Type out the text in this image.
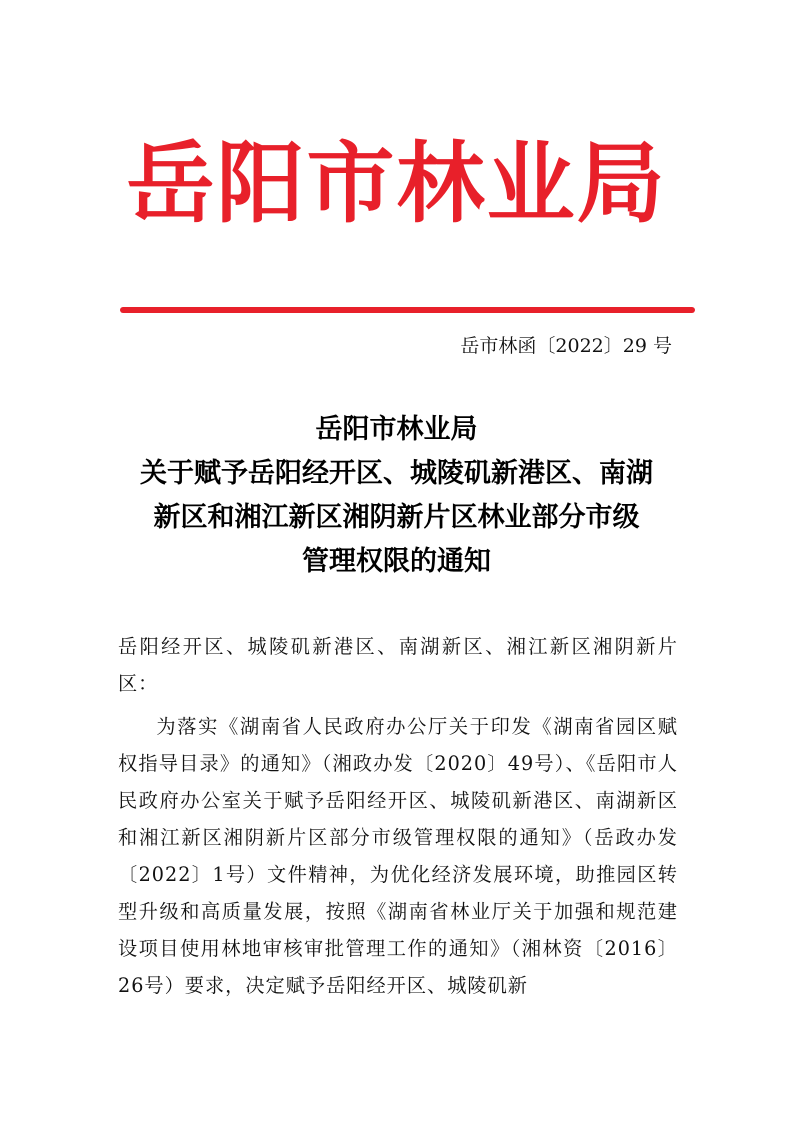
岳阳市林业局
岳市林函〔2022〕29 号
岳阳市林业局
关于赋予岳阳经开区、城陵矶新港区、南湖
新区和湘江新区湘阴新片区林业部分市级
管理权限的通知

岳阳经开区、城陵矶新港区、南湖新区、湘江新区湘阴新片区：

为落实《湖南省人民政府办公厅关于印发《湖南省园区赋权指导目录》的通知》（湘政办发〔2020〕49号）、《岳阳市人民政府办公室关于赋予岳阳经开区、城陵矶新港区、南湖新区和湘江新区湘阴新片区部分市级管理权限的通知》（岳政办发〔2022〕1号）文件精神，为优化经济发展环境，助推园区转型升级和高质量发展，按照《湖南省林业厅关于加强和规范建设项目使用林地审核审批管理工作的通知》（湘林资〔2016〕26号）要求，决定赋予岳阳经开区、城陵矶新
